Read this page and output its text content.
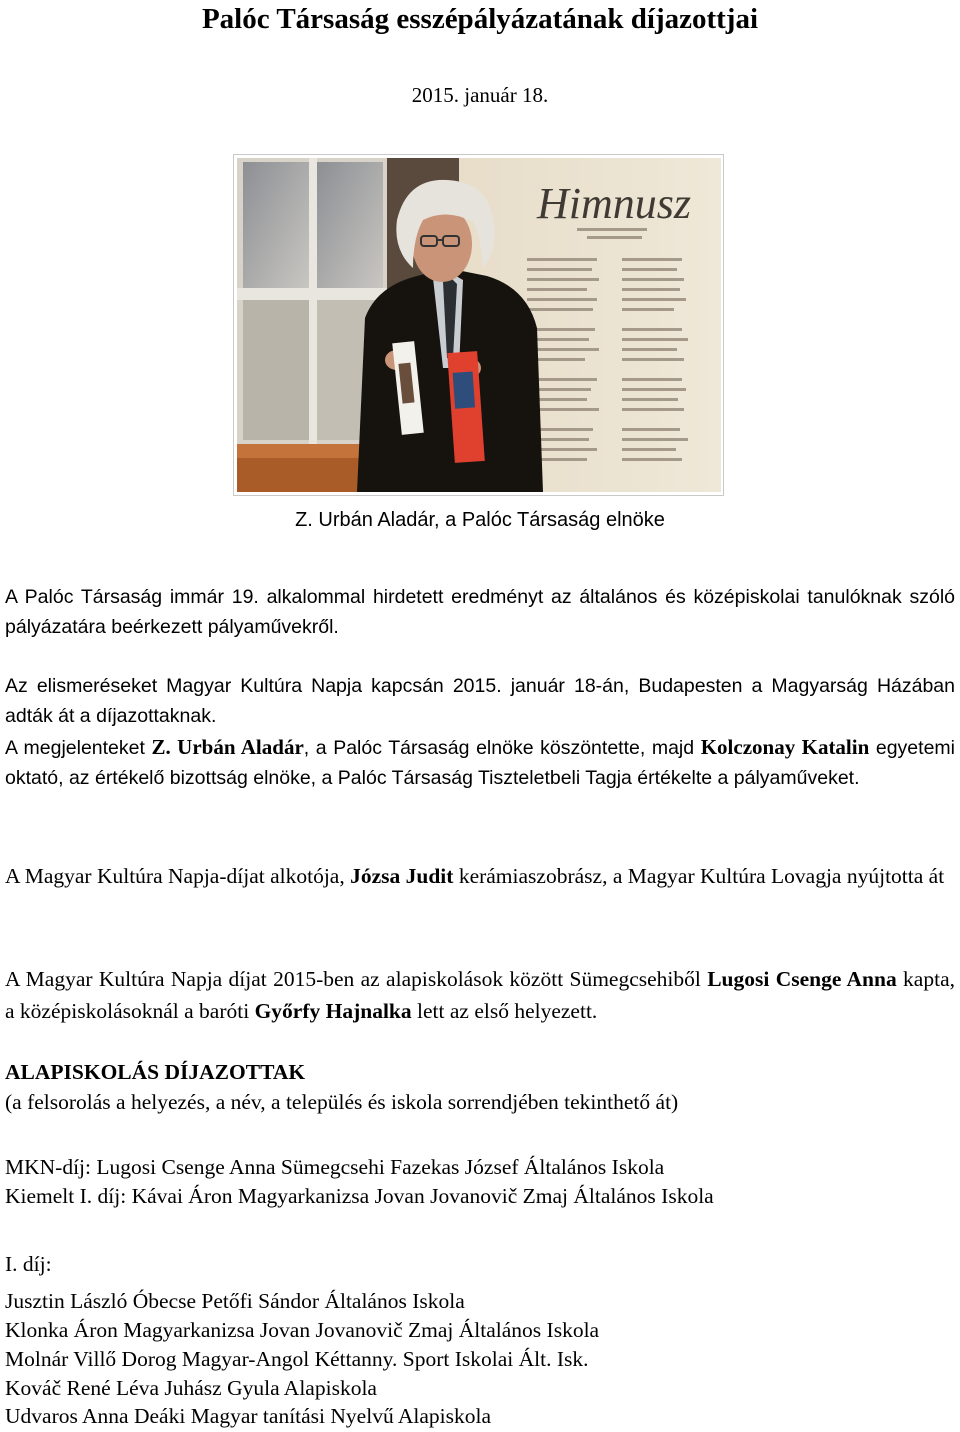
Palóc Társaság esszépályázatának díjazottjai
2015. január 18.
Himnusz
Z. Urbán Aladár, a Palóc Társaság elnöke

A Palóc Társaság immár 19. alkalommal hirdetett eredményt az általános és középiskolai tanulóknak szóló pályázatára beérkezett pályaművekről.

Az elismeréseket Magyar Kultúra Napja kapcsán 2015. január 18-án, Budapesten a Magyarság Házában adták át a díjazottaknak.

A megjelenteket Z. Urbán Aladár, a Palóc Társaság elnöke köszöntette, majd Kolczonay Katalin egyetemi oktató, az értékelő bizottság elnöke, a Palóc Társaság Tiszteletbeli Tagja értékelte a pályaműveket.

A Magyar Kultúra Napja-díjat alkotója, Józsa Judit kerámiaszobrász, a Magyar Kultúra Lovagja nyújtotta át

A Magyar Kultúra Napja díjat 2015-ben az alapiskolások között Sümegcsehiből Lugosi Csenge Anna kapta, a középiskolásoknál a baróti Győrfy Hajnalka lett az első helyezett.

ALAPISKOLÁS DÍJAZOTTAK

(a felsorolás a helyezés, a név, a település és iskola sorrendjében tekinthető át)

MKN-díj: Lugosi Csenge Anna Sümegcsehi Fazekas József Általános Iskola

Kiemelt I. díj: Kávai Áron Magyarkanizsa Jovan Jovanovič Zmaj Általános Iskola

I. díj:

Jusztin László Óbecse Petőfi Sándor Általános Iskola

Klonka Áron Magyarkanizsa Jovan Jovanovič Zmaj Általános Iskola

Molnár Villő Dorog Magyar-Angol Kéttanny. Sport Iskolai Ált. Isk.

Kováč René Léva Juhász Gyula Alapiskola

Udvaros Anna Deáki Magyar tanítási Nyelvű Alapiskola
